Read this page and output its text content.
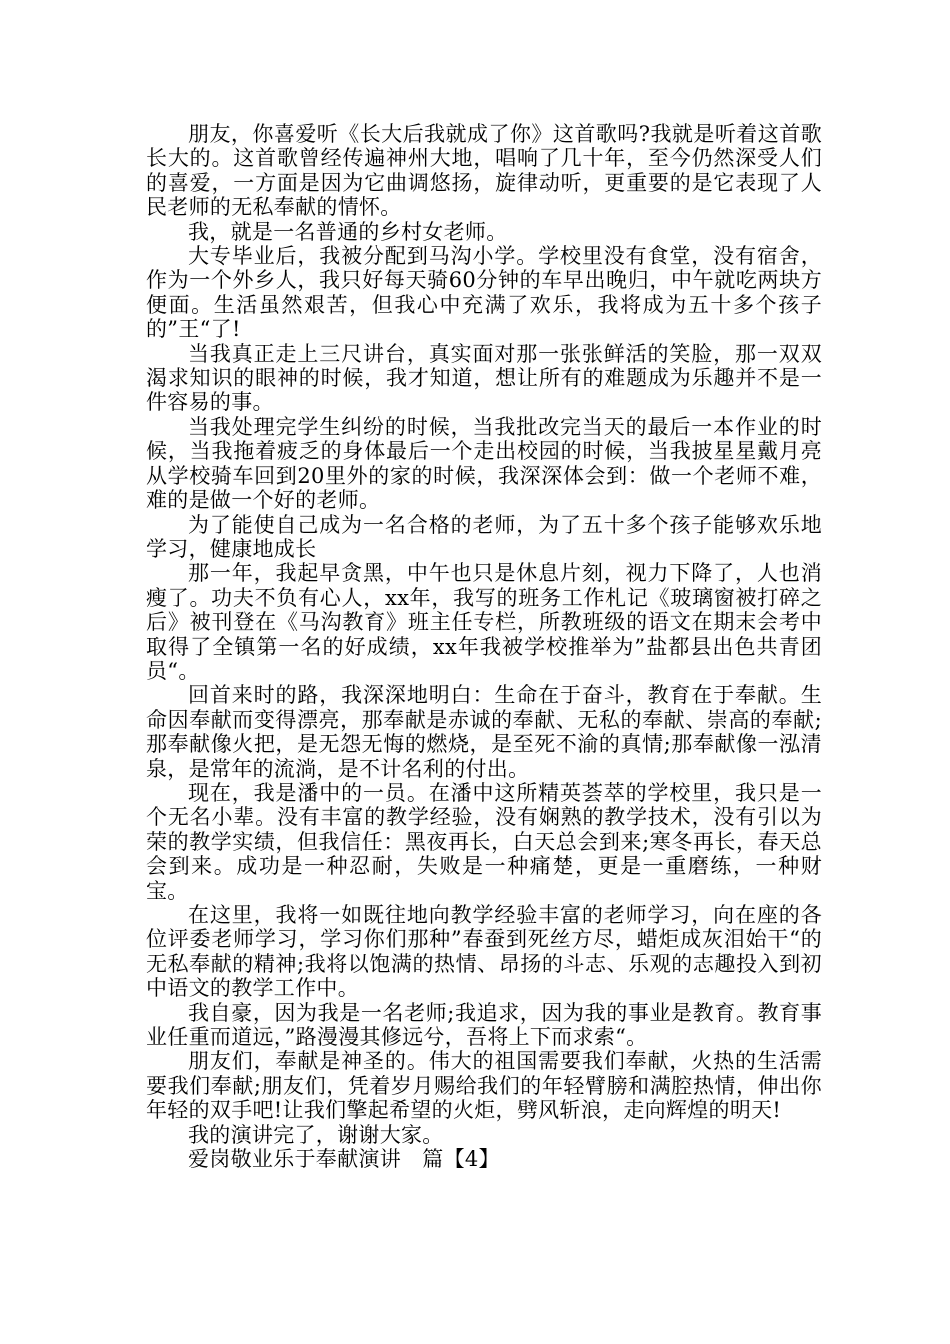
朋友，你喜爱听《长大后我就成了你》这首歌吗?我就是听着这首歌长大的。这首歌曾经传遍神州大地，唱响了几十年，至今仍然深受人们的喜爱，一方面是因为它曲调悠扬，旋律动听，更重要的是它表现了人民老师的无私奉献的情怀。

我，就是一名普通的乡村女老师。

大专毕业后，我被分配到马沟小学。学校里没有食堂，没有宿舍，作为一个外乡人，我只好每天骑60分钟的车早出晚归，中午就吃两块方便面。生活虽然艰苦，但我心中充满了欢乐，我将成为五十多个孩子的”王“了!

当我真正走上三尺讲台，真实面对那一张张鲜活的笑脸，那一双双渴求知识的眼神的时候，我才知道，想让所有的难题成为乐趣并不是一件容易的事。

当我处理完学生纠纷的时候，当我批改完当天的最后一本作业的时候，当我拖着疲乏的身体最后一个走出校园的时候，当我披星星戴月亮从学校骑车回到20里外的家的时候，我深深体会到：做一个老师不难，难的是做一个好的老师。

为了能使自己成为一名合格的老师，为了五十多个孩子能够欢乐地学习，健康地成长

那一年，我起早贪黑，中午也只是休息片刻，视力下降了，人也消瘦了。功夫不负有心人，xx年，我写的班务工作札记《玻璃窗被打碎之后》被刊登在《马沟教育》班主任专栏，所教班级的语文在期末会考中取得了全镇第一名的好成绩，xx年我被学校推举为”盐都县出色共青团员“。

回首来时的路，我深深地明白：生命在于奋斗，教育在于奉献。生命因奉献而变得漂亮，那奉献是赤诚的奉献、无私的奉献、崇高的奉献;那奉献像火把，是无怨无悔的燃烧，是至死不渝的真情;那奉献像一泓清泉，是常年的流淌，是不计名利的付出。

现在，我是潘中的一员。在潘中这所精英荟萃的学校里，我只是一个无名小辈。没有丰富的教学经验，没有娴熟的教学技术，没有引以为荣的教学实绩，但我信任：黑夜再长，白天总会到来;寒冬再长，春天总会到来。成功是一种忍耐，失败是一种痛楚，更是一重磨练，一种财宝。

在这里，我将一如既往地向教学经验丰富的老师学习，向在座的各位评委老师学习，学习你们那种”春蚕到死丝方尽，蜡炬成灰泪始干“的无私奉献的精神;我将以饱满的热情、昂扬的斗志、乐观的志趣投入到初中语文的教学工作中。

我自豪，因为我是一名老师;我追求，因为我的事业是教育。教育事业任重而道远，”路漫漫其修远兮，吾将上下而求索“。

朋友们，奉献是神圣的。伟大的祖国需要我们奉献，火热的生活需要我们奉献;朋友们，凭着岁月赐给我们的年轻臂膀和满腔热情，伸出你年轻的双手吧!让我们擎起希望的火炬，劈风斩浪，走向辉煌的明天!

我的演讲完了，谢谢大家。

爱岗敬业乐于奉献演讲　篇【4】
